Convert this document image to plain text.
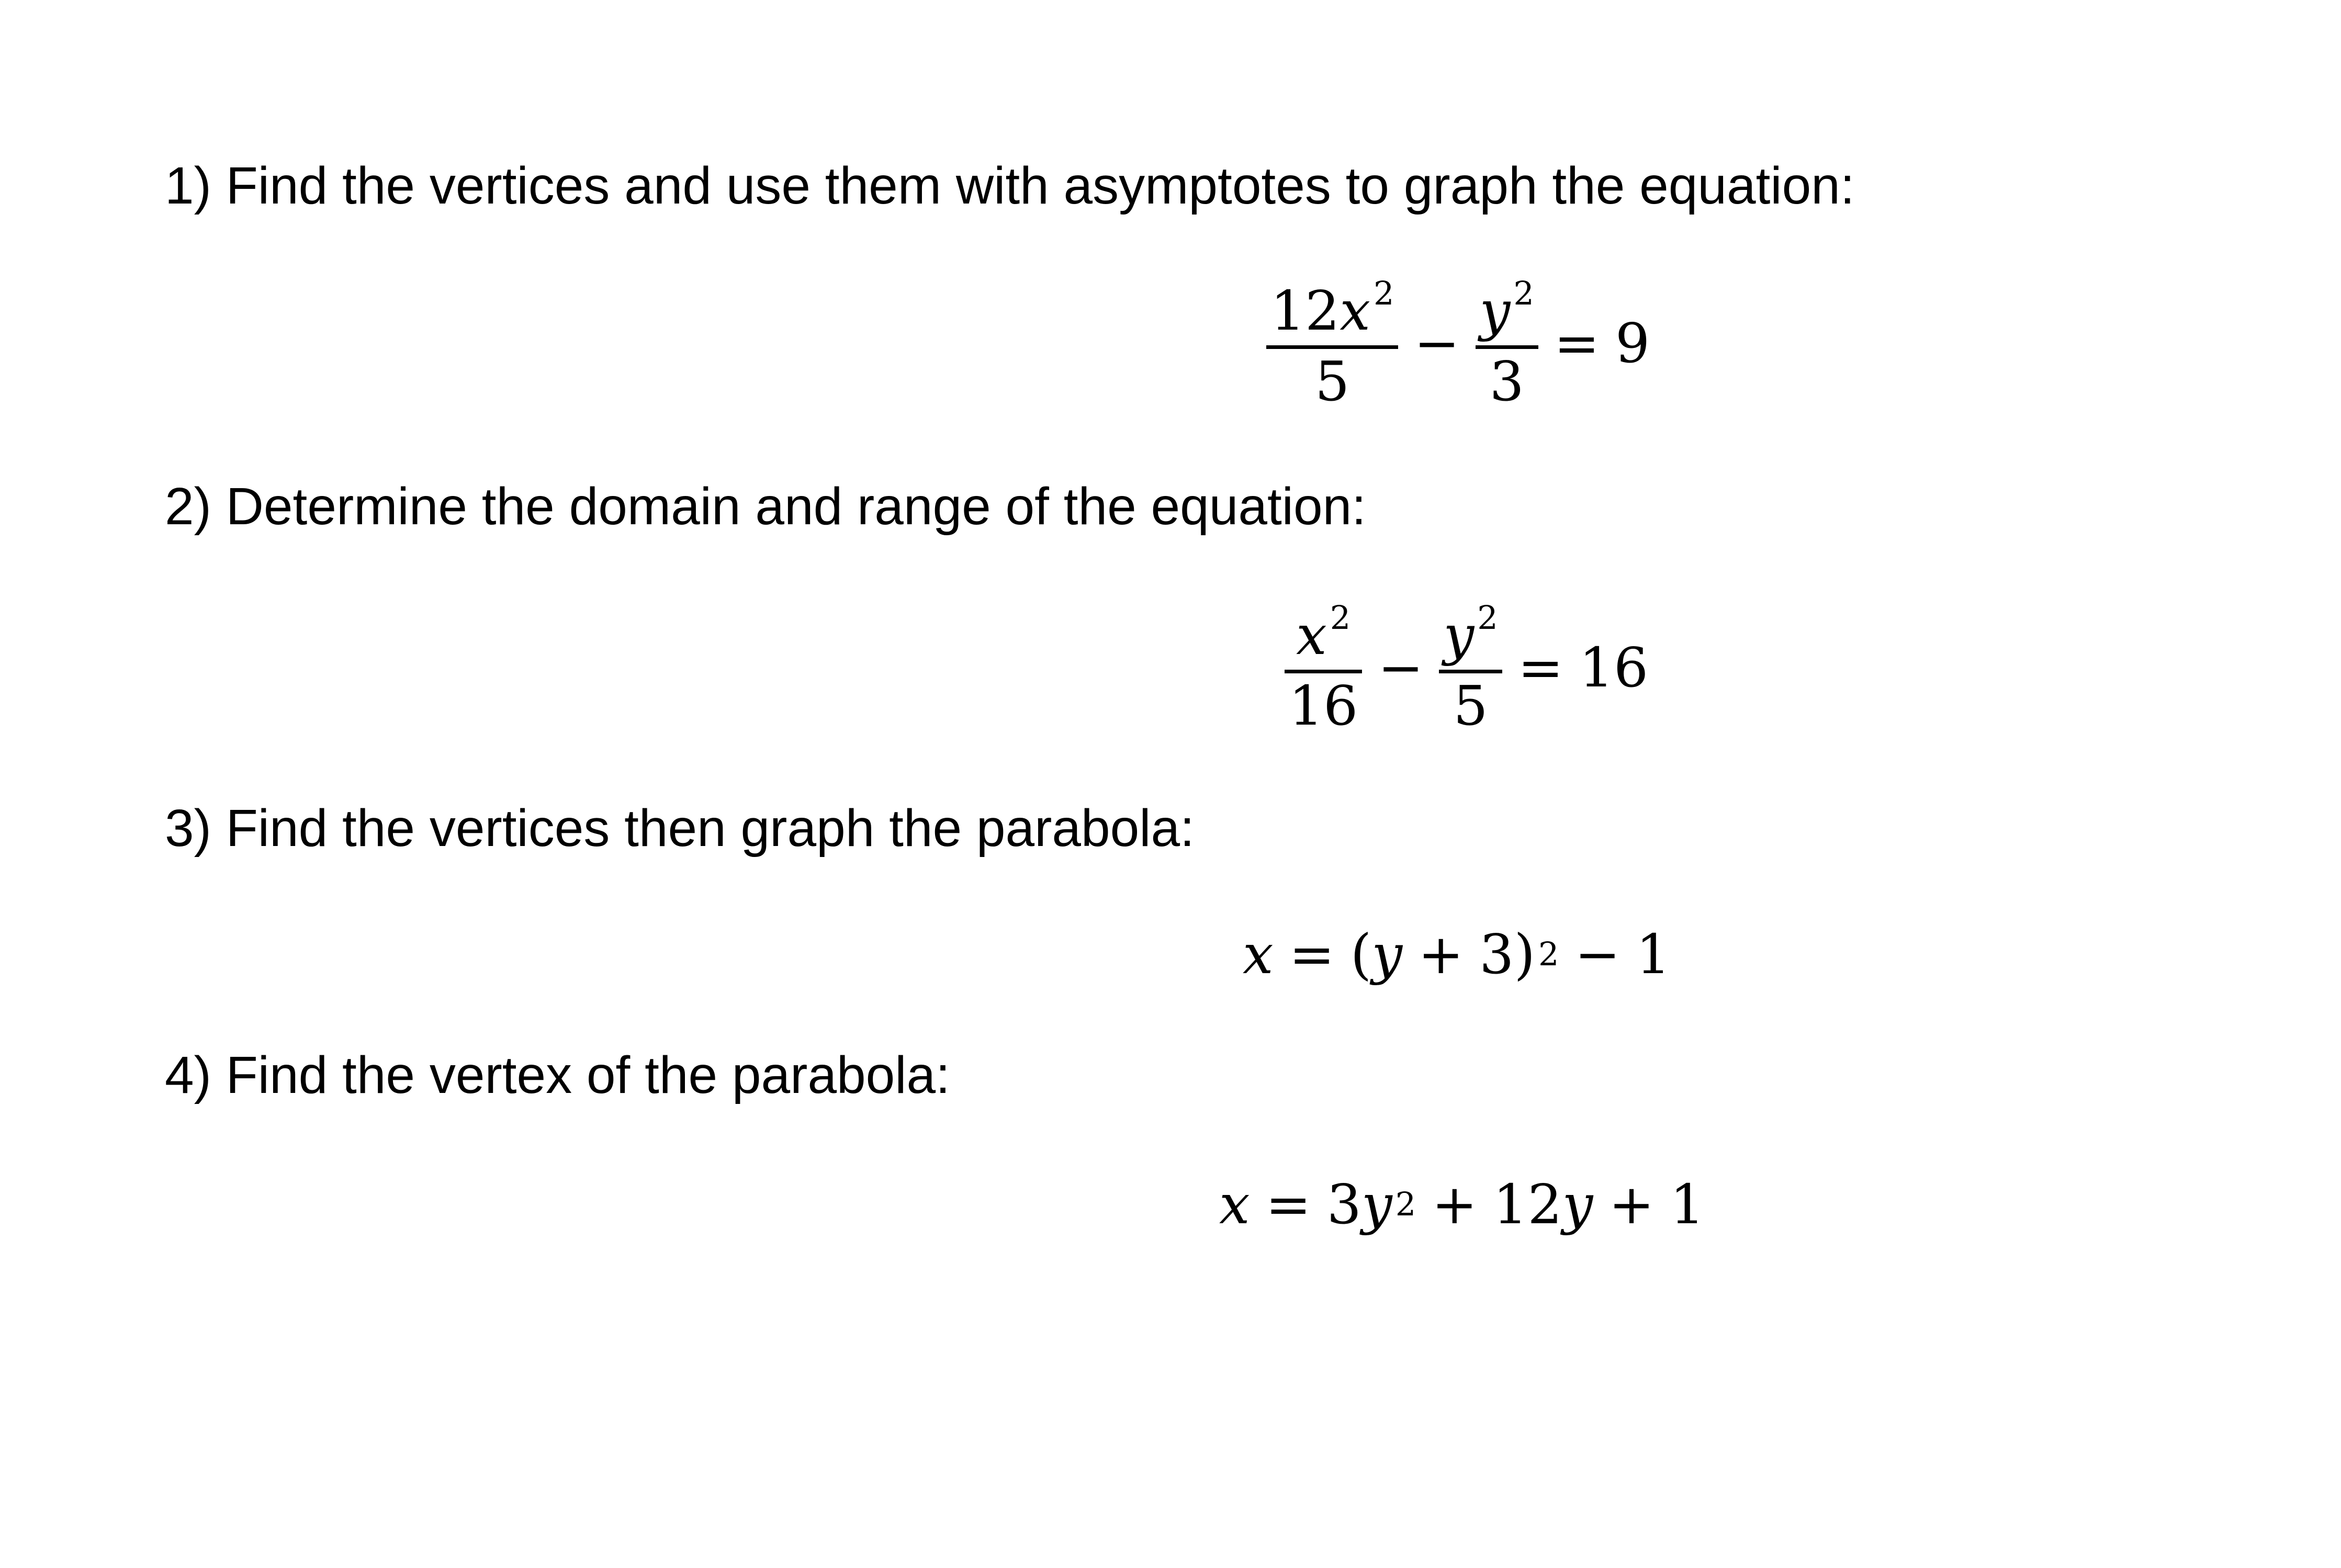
1) Find the vertices and use them with asymptotes to graph the equation:

$12x^2$
5
−
$y^2$
3
= 9

2) Determine the domain and range of the equation:

$x^2$
16
−
$y^2$
5
= 16

3) Find the vertices then graph the parabola:

x = ( y + 3 ) 2 − 1

4) Find the vertex of the parabola:

x = 3 y 2 + 12 y + 1
